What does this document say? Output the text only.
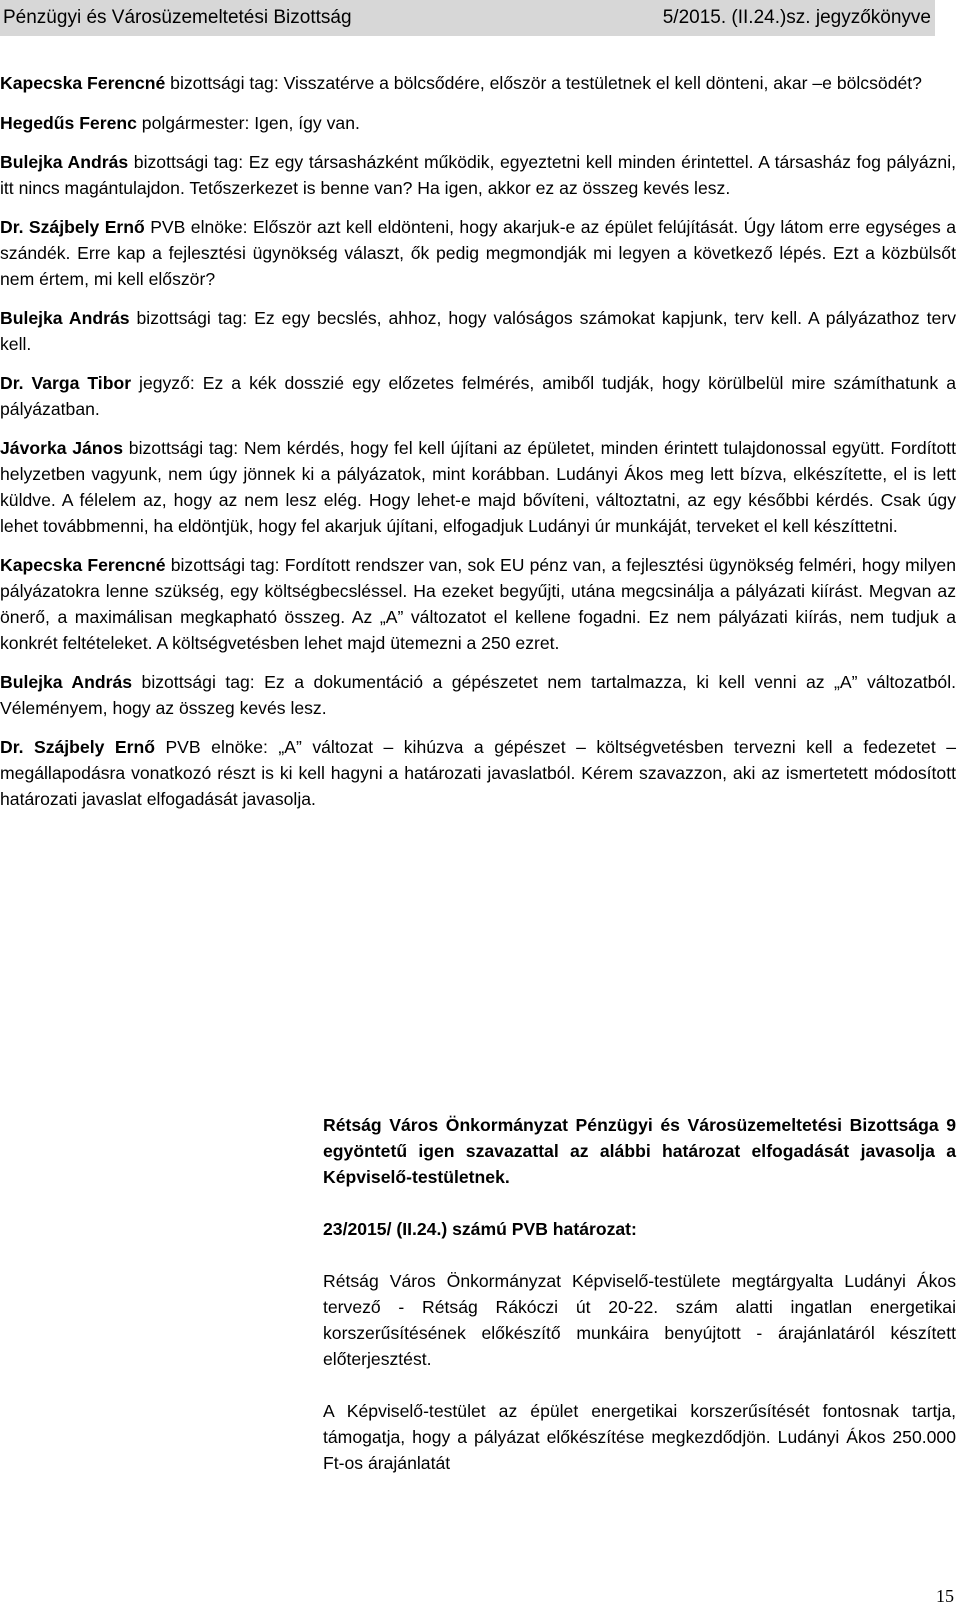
Pénzügyi és Városüzemeltetési Bizottság	5/2015. (II.24.)sz. jegyzőkönyve

Kapecska Ferencné bizottsági tag: Visszatérve a bölcsődére, először a testületnek el kell dönteni, akar –e bölcsödét?

Hegedűs Ferenc polgármester: Igen, így van.

Bulejka András bizottsági tag: Ez egy társasházként működik, egyeztetni kell minden érintettel. A társasház fog pályázni, itt nincs magántulajdon. Tetőszerkezet is benne van? Ha igen, akkor ez az összeg kevés lesz.

Dr. Szájbely Ernő PVB elnöke: Először azt kell eldönteni, hogy akarjuk-e az épület felújítását. Úgy látom erre egységes a szándék. Erre kap a fejlesztési ügynökség választ, ők pedig megmondják mi legyen a következő lépés. Ezt a közbülsőt nem értem, mi kell először?

Bulejka András bizottsági tag: Ez egy becslés, ahhoz, hogy valóságos számokat kapjunk, terv kell. A pályázathoz terv kell.

Dr. Varga Tibor jegyző: Ez a kék dosszié egy előzetes felmérés, amiből tudják, hogy körülbelül mire számíthatunk a pályázatban.

Jávorka János bizottsági tag: Nem kérdés, hogy fel kell újítani az épületet, minden érintett tulajdonossal együtt. Fordított helyzetben vagyunk, nem úgy jönnek ki a pályázatok, mint korábban. Ludányi Ákos meg lett bízva, elkészítette, el is lett küldve. A félelem az, hogy az nem lesz elég. Hogy lehet-e majd bővíteni, változtatni, az egy későbbi kérdés. Csak úgy lehet továbbmenni, ha eldöntjük, hogy fel akarjuk újítani, elfogadjuk Ludányi úr munkáját, terveket el kell készíttetni.

Kapecska Ferencné bizottsági tag: Fordított rendszer van, sok EU pénz van, a fejlesztési ügynökség felméri, hogy milyen pályázatokra lenne szükség, egy költségbecsléssel. Ha ezeket begyűjti, utána megcsinálja a pályázati kiírást. Megvan az önerő, a maximálisan megkapható összeg. Az „A” változatot el kellene fogadni. Ez nem pályázati kiírás, nem tudjuk a konkrét feltételeket. A költségvetésben lehet majd ütemezni a 250 ezret.

Bulejka András bizottsági tag: Ez a dokumentáció a gépészetet nem tartalmazza, ki kell venni az „A” változatból. Véleményem, hogy az összeg kevés lesz.

Dr. Szájbely Ernő PVB elnöke: „A” változat – kihúzva a gépészet – költségvetésben tervezni kell a fedezetet – megállapodásra vonatkozó részt is ki kell hagyni a határozati javaslatból. Kérem szavazzon, aki az ismertetett módosított határozati javaslat elfogadását javasolja.

Rétság Város Önkormányzat Pénzügyi és Városüzemeltetési Bizottsága 9 egyöntetű igen szavazattal az alábbi határozat elfogadását javasolja a Képviselő-testületnek.

23/2015/ (II.24.) számú PVB határozat:

Rétság Város Önkormányzat Képviselő-testülete megtárgyalta Ludányi Ákos tervező - Rétság Rákóczi út 20-22. szám alatti ingatlan energetikai korszerűsítésének előkészítő munkáira benyújtott - árajánlatáról készített előterjesztést.

A Képviselő-testület az épület energetikai korszerűsítését fontosnak tartja, támogatja, hogy a pályázat előkészítése megkezdődjön. Ludányi Ákos 250.000 Ft-os árajánlatát

15
